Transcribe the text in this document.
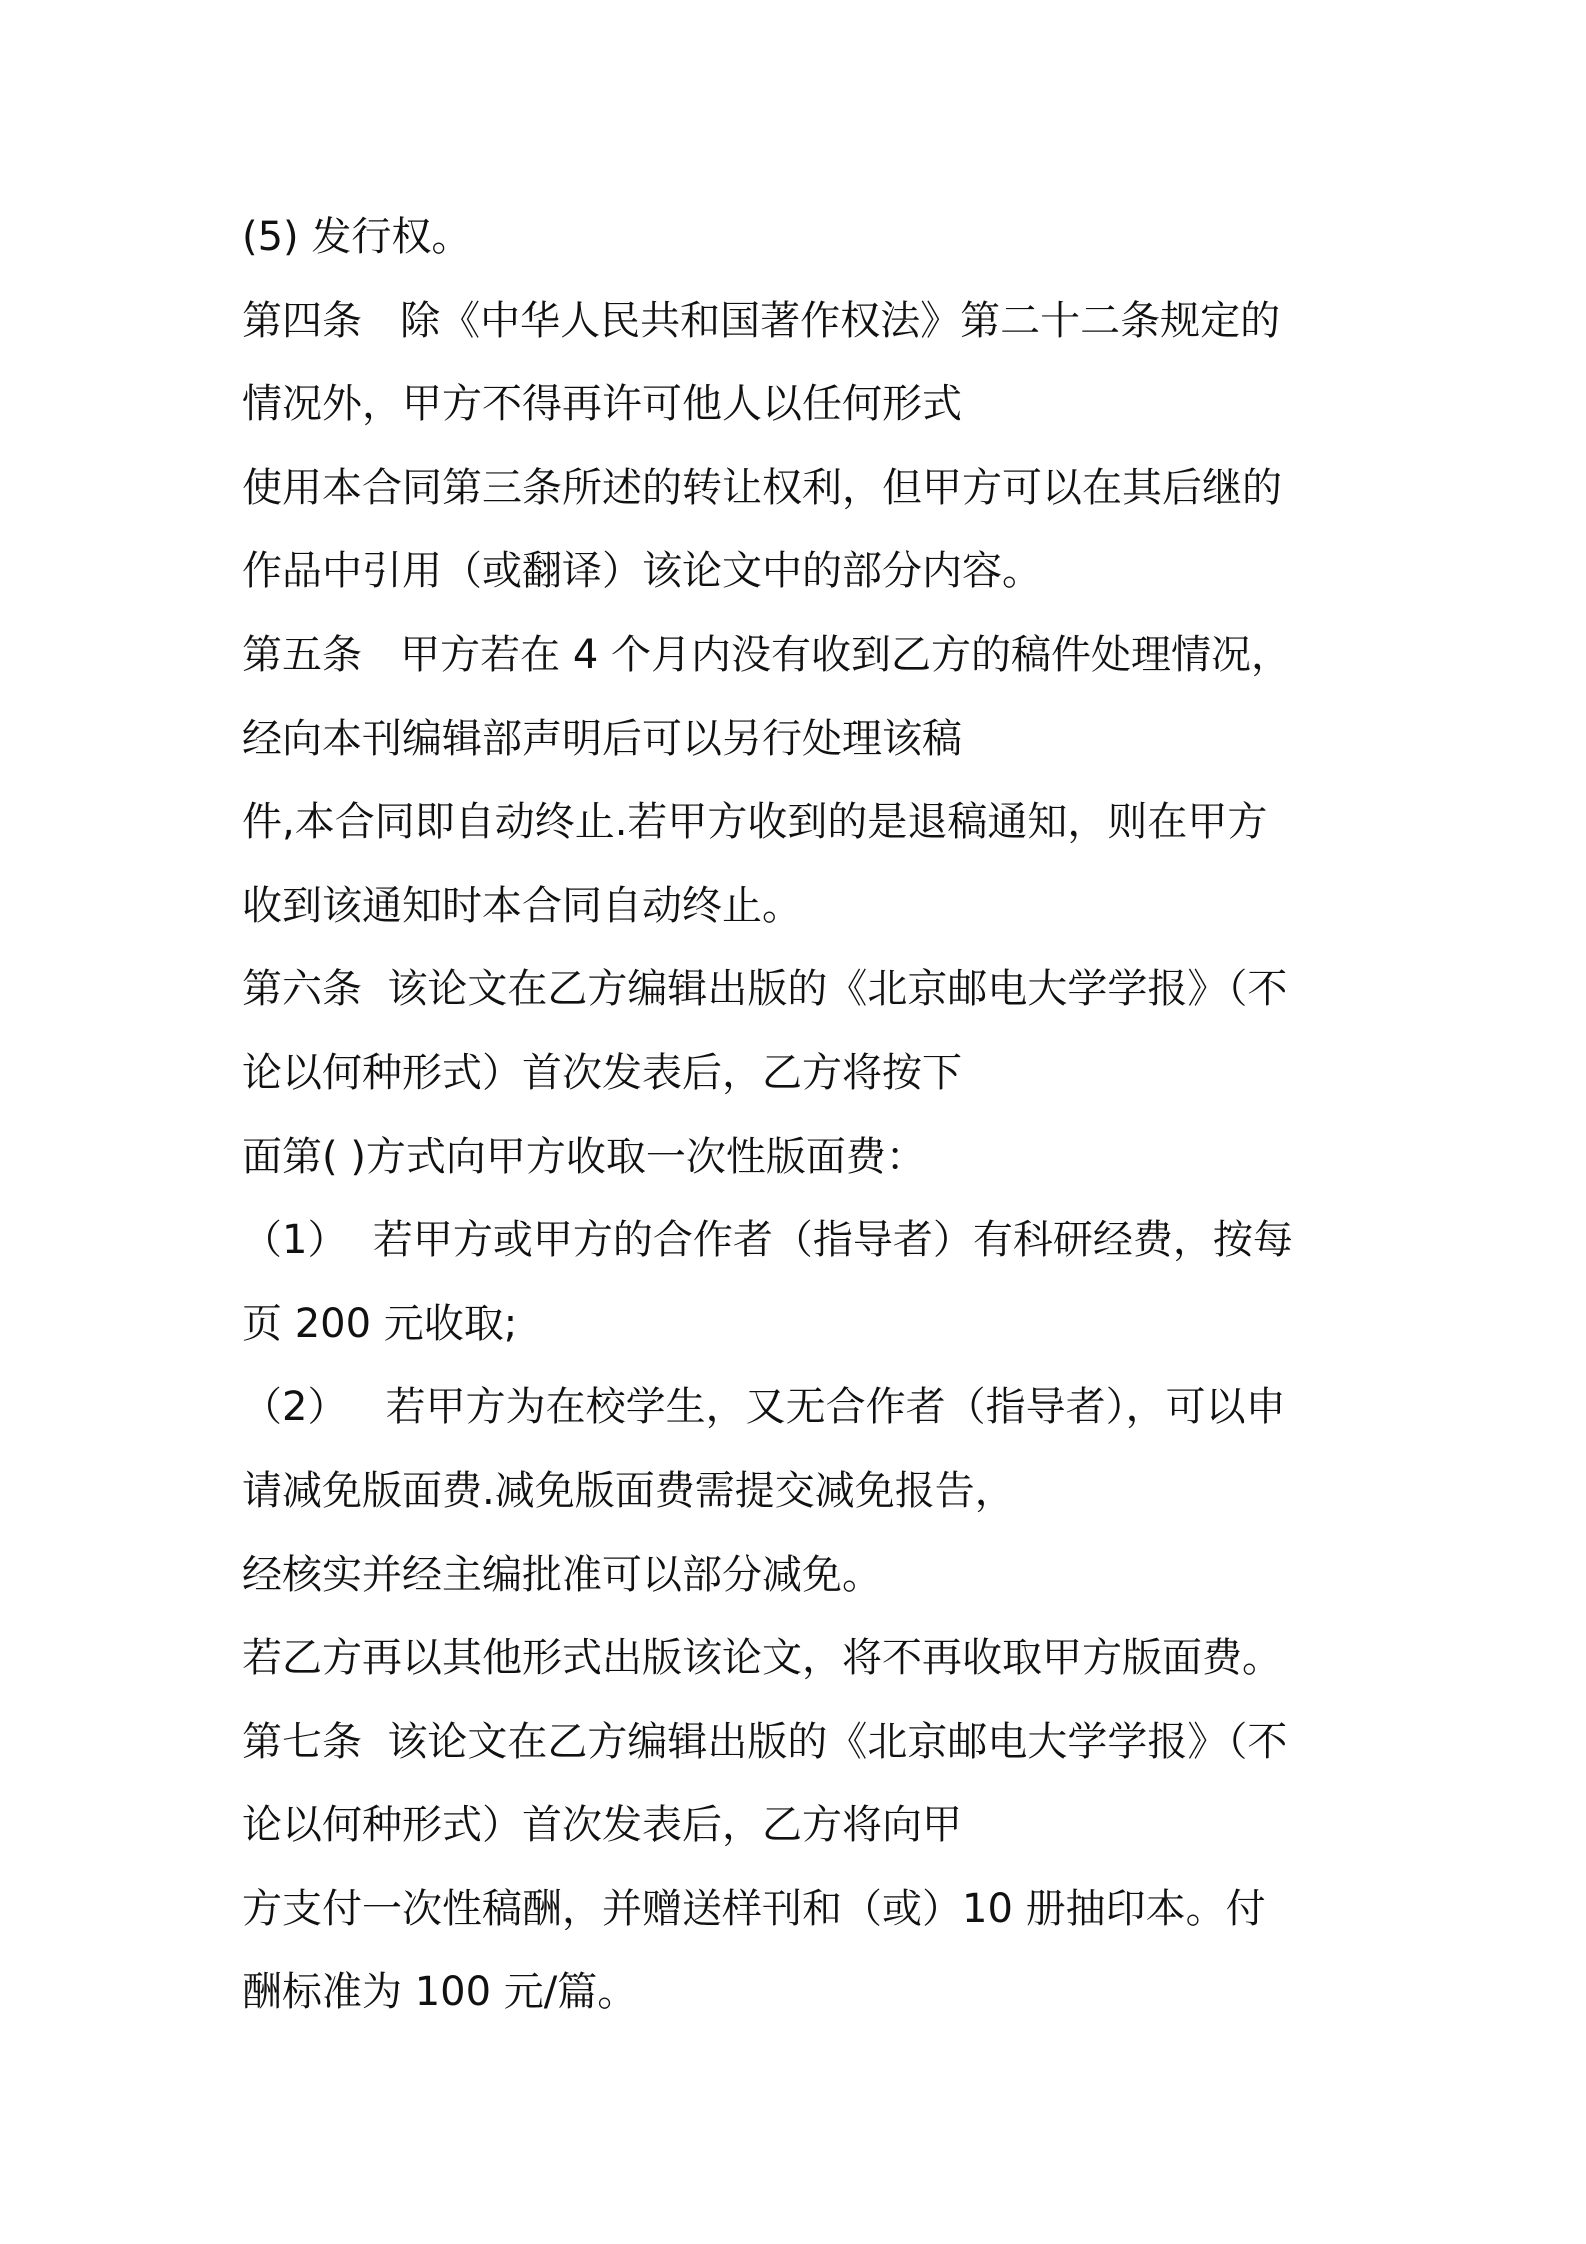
(5) 发行权。
第四条   除《中华人民共和国著作权法》第二十二条规定的
情况外，甲方不得再许可他人以任何形式
使用本合同第三条所述的转让权利，但甲方可以在其后继的
作品中引用（或翻译）该论文中的部分内容。
第五条   甲方若在 4 个月内没有收到乙方的稿件处理情况，
经向本刊编辑部声明后可以另行处理该稿
件,本合同即自动终止.若甲方收到的是退稿通知，则在甲方
收到该通知时本合同自动终止。
第六条  该论文在乙方编辑出版的《北京邮电大学学报》（不
论以何种形式）首次发表后，乙方将按下
面第( )方式向甲方收取一次性版面费：
（1）  若甲方或甲方的合作者（指导者）有科研经费，按每
页 200 元收取;
（2）   若甲方为在校学生，又无合作者（指导者），可以申
请减免版面费.减免版面费需提交减免报告，
经核实并经主编批准可以部分减免。
若乙方再以其他形式出版该论文，将不再收取甲方版面费。
第七条  该论文在乙方编辑出版的《北京邮电大学学报》（不
论以何种形式）首次发表后，乙方将向甲
方支付一次性稿酬，并赠送样刊和（或）10 册抽印本。付
酬标准为 100 元/篇。
